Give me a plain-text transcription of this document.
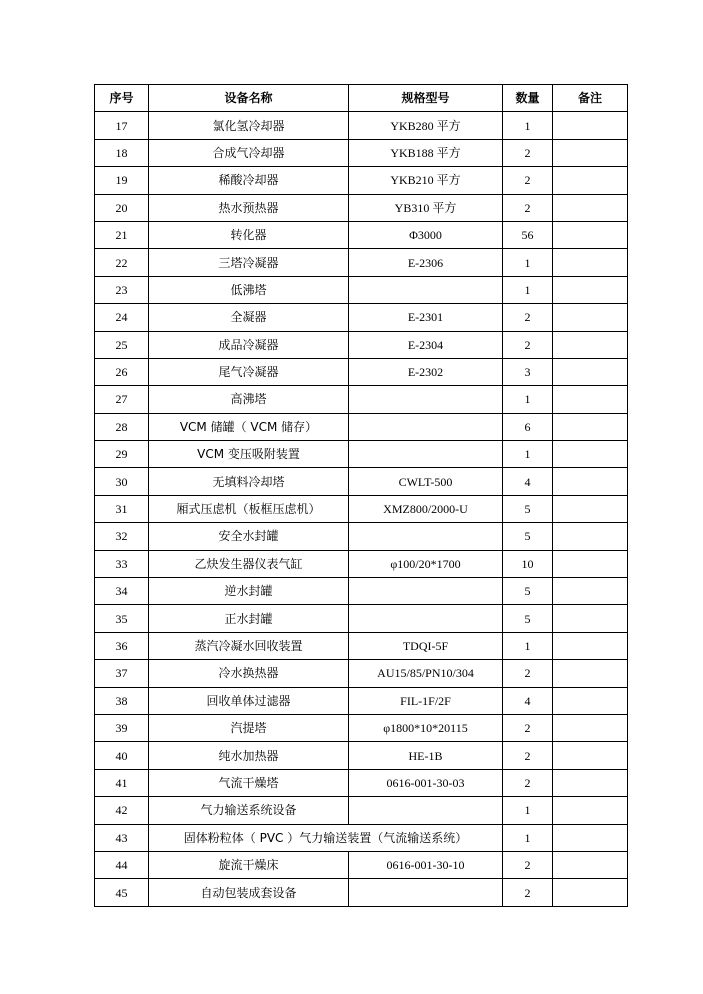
序号	设备名称	规格型号	数量	备注
17	氯化氢冷却器	YKB280 平方	1	
18	合成气冷却器	YKB188 平方	2	
19	稀酸冷却器	YKB210 平方	2	
20	热水预热器	YB310 平方	2	
21	转化器	Φ3000	56	
22	三塔冷凝器	E-2306	1	
23	低沸塔		1	
24	全凝器	E-2301	2	
25	成品冷凝器	E-2304	2	
26	尾气冷凝器	E-2302	3	
27	高沸塔		1	
28	VCM 储罐（ VCM 储存）		6	
29	VCM 变压吸附装置		1	
30	无填料冷却塔	CWLT-500	4	
31	厢式压虑机（板框压虑机）	XMZ800/2000-U	5	
32	安全水封罐		5	
33	乙炔发生器仪表气缸	φ100/20*1700	10	
34	逆水封罐		5	
35	正水封罐		5	
36	蒸汽冷凝水回收装置	TDQI-5F	1	
37	冷水换热器	AU15/85/PN10/304	2	
38	回收单体过滤器	FIL-1F/2F	4	
39	汽提塔	φ1800*10*20115	2	
40	纯水加热器	HE-1B	2	
41	气流干燥塔	0616-001-30-03	2	
42	气力输送系统设备		1	
43	固体粉粒体（ PVC ）气力输送装置（气流输送系统）		1	
44	旋流干燥床	0616-001-30-10	2	
45	自动包装成套设备		2	
